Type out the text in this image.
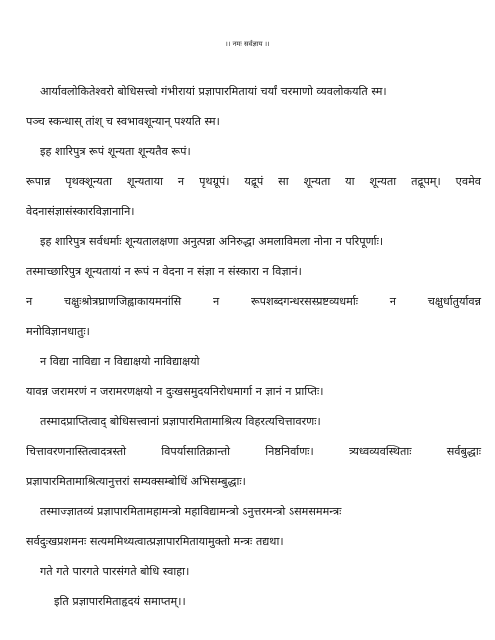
।। नमः सर्वज्ञाय ।।
आर्यावलोकितेश्वरो बोधिसत्त्वो गंभीरायां प्रज्ञापारमितायां चर्यां चरमाणो व्यवलोकयति स्म।
पञ्च स्कन्धास् तांश् च स्वभावशून्यान् पश्यति स्म।
इह शारिपुत्र रूपं शून्यता शून्यतैव रूपं।
रूपान्न पृथक्शून्यता शून्यताया न पृथग्रूपं। यद्रूपं सा शून्यता या शून्यता तद्रूपम्। एवमेव
वेदनासंज्ञासंस्कारविज्ञानानि।
इह शारिपुत्र सर्वधर्माः शून्यतालक्षणा अनुत्पन्ना अनिरुद्धा अमलाविमला नोना न परिपूर्णाः।
तस्माच्छारिपुत्र शून्यतायां न रूपं न वेदना न संज्ञा न संस्कारा न विज्ञानं।
न चक्षुःश्रोत्रघ्राणजिह्वाकायमनांसि न रूपशब्दगन्धरसस्प्रष्टव्यधर्माः न चक्षुर्धातुर्यावन्न
मनोविज्ञानधातुः।
न विद्या नाविद्या न विद्याक्षयो नाविद्याक्षयो
यावन्न जरामरणं न जरामरणक्षयो न दुःखसमुदयनिरोधमार्गा न ज्ञानं न प्राप्तिः।
तस्मादप्राप्तित्वाद् बोधिसत्त्वानां प्रज्ञापारमितामाश्रित्य विहरत्यचित्तावरणः।
चित्तावरणनास्तित्वादत्रस्तो विपर्यासातिक्रान्तो निष्ठनिर्वाणः। त्र्यध्वव्यवस्थिताः सर्वबुद्धाः
प्रज्ञापारमितामाश्रित्यानुत्तरां सम्यक्सम्बोधिं अभिसम्बुद्धाः।
तस्माज्ज्ञातव्यं प्रज्ञापारमितामहामन्त्रो महाविद्यामन्त्रो ऽनुत्तरमन्त्रो ऽसमसममन्त्रः
सर्वदुःखप्रशमनः सत्यममिथ्यत्वात्प्रज्ञापारमितायामुक्तो मन्त्रः तद्यथा।
गते गते पारगते पारसंगते बोधि स्वाहा।
इति प्रज्ञापारमिताहृदयं समाप्तम्।।
